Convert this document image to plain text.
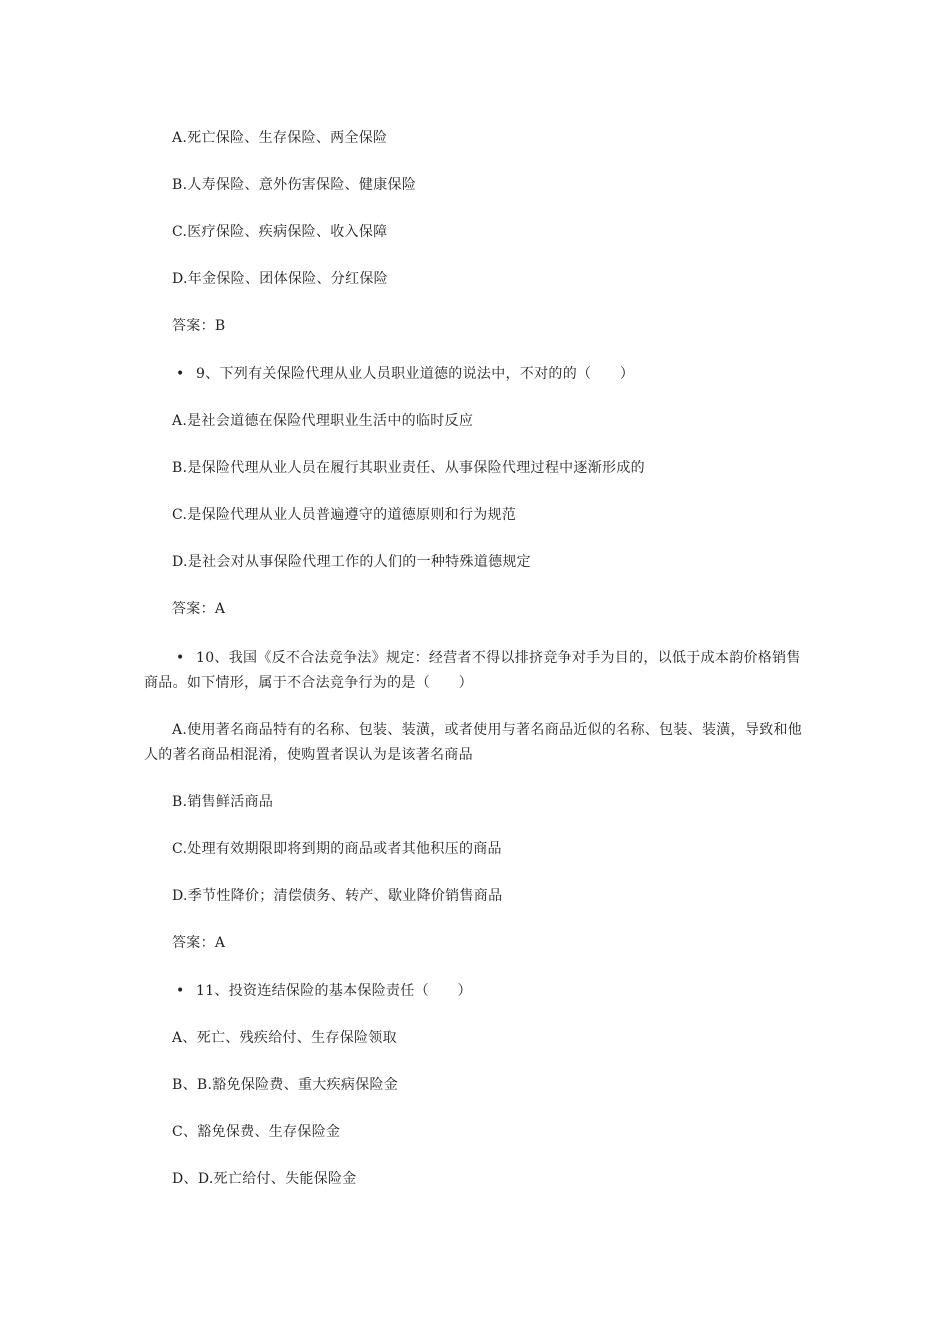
A.死亡保险、生存保险、两全保险
B.人寿保险、意外伤害保险、健康保险
C.医疗保险、疾病保险、收入保障
D.年金保险、团体保险、分红保险
答案：B
• 9、下列有关保险代理从业人员职业道德的说法中，不对的的（　　）
A.是社会道德在保险代理职业生活中的临时反应
B.是保险代理从业人员在履行其职业责任、从事保险代理过程中逐渐形成的
C.是保险代理从业人员普遍遵守的道德原则和行为规范
D.是社会对从事保险代理工作的人们的一种特殊道德规定
答案：A
• 10、我国《反不合法竞争法》规定：经营者不得以排挤竞争对手为目的，以低于成本韵价格销售
商品。如下情形，属于不合法竞争行为的是（　　）
A.使用著名商品特有的名称、包装、装潢，或者使用与著名商品近似的名称、包装、装潢，导致和他
人的著名商品相混淆，使购置者误认为是该著名商品
B.销售鲜活商品
C.处理有效期限即将到期的商品或者其他积压的商品
D.季节性降价；清偿债务、转产、歇业降价销售商品
答案：A
• 11、投资连结保险的基本保险责任（　　）
A、死亡、残疾给付、生存保险领取
B、B.豁免保险费、重大疾病保险金
C、豁免保费、生存保险金
D、D.死亡给付、失能保险金
